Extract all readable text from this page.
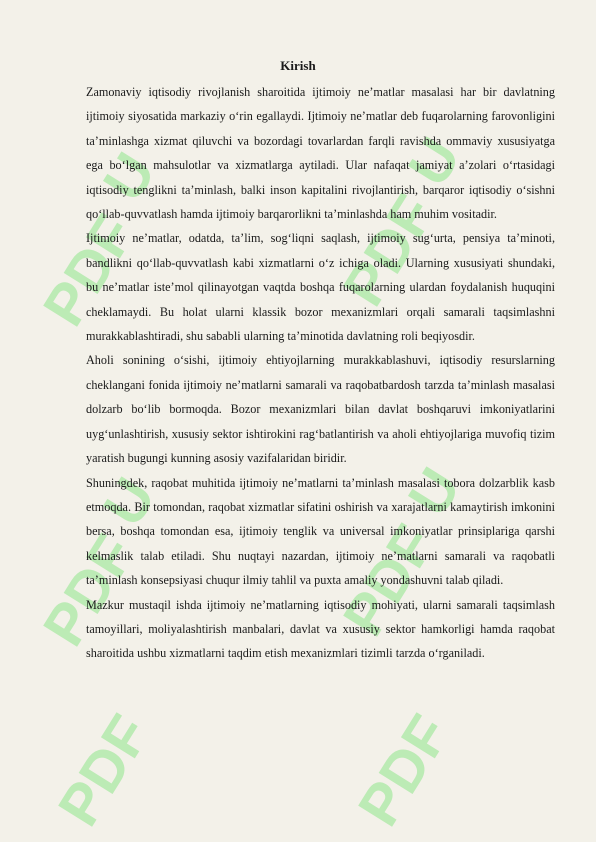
PDF
U
PDF
U
PDF
U
PDF
U
PDF	PDF
Kirish

Zamonaviy iqtisodiy rivojlanish sharoitida ijtimoiy ne’matlar masalasi har bir davlatning ijtimoiy siyosatida markaziy o‘rin egallaydi. Ijtimoiy ne’matlar deb fuqarolarning farovonligini ta’minlashga xizmat qiluvchi va bozordagi tovarlardan farqli ravishda ommaviy xususiyatga ega bo‘lgan mahsulotlar va xizmatlarga aytiladi. Ular nafaqat jamiyat a’zolari o‘rtasidagi iqtisodiy tenglikni ta’minlash, balki inson kapitalini rivojlantirish, barqaror iqtisodiy o‘sishni qo‘llab-quvvatlash hamda ijtimoiy barqarorlikni ta’minlashda ham muhim vositadir.

Ijtimoiy ne’matlar, odatda, ta’lim, sog‘liqni saqlash, ijtimoiy sug‘urta, pensiya ta’minoti, bandlikni qo‘llab-quvvatlash kabi xizmatlarni o‘z ichiga oladi. Ularning xususiyati shundaki, bu ne’matlar iste’mol qilinayotgan vaqtda boshqa fuqarolarning ulardan foydalanish huquqini cheklamaydi. Bu holat ularni klassik bozor mexanizmlari orqali samarali taqsimlashni murakkablashtiradi, shu sababli ularning ta’minotida davlatning roli beqiyosdir.

Aholi sonining o‘sishi, ijtimoiy ehtiyojlarning murakkablashuvi, iqtisodiy resurslarning cheklangani fonida ijtimoiy ne’matlarni samarali va raqobatbardosh tarzda ta’minlash masalasi dolzarb bo‘lib bormoqda. Bozor mexanizmlari bilan davlat boshqaruvi imkoniyatlarini uyg‘unlashtirish, xususiy sektor ishtirokini rag‘batlantirish va aholi ehtiyojlariga muvofiq tizim yaratish bugungi kunning asosiy vazifalaridan biridir.

Shuningdek, raqobat muhitida ijtimoiy ne’matlarni ta’minlash masalasi tobora dolzarblik kasb etmoqda. Bir tomondan, raqobat xizmatlar sifatini oshirish va xarajatlarni kamaytirish imkonini bersa, boshqa tomondan esa, ijtimoiy tenglik va universal imkoniyatlar prinsiplariga qarshi kelmaslik talab etiladi. Shu nuqtayi nazardan, ijtimoiy ne’matlarni samarali va raqobatli ta’minlash konsepsiyasi chuqur ilmiy tahlil va puxta amaliy yondashuvni talab qiladi.

Mazkur mustaqil ishda ijtimoiy ne’matlarning iqtisodiy mohiyati, ularni samarali taqsimlash tamoyillari, moliyalashtirish manbalari, davlat va xususiy sektor hamkorligi hamda raqobat sharoitida ushbu xizmatlarni taqdim etish mexanizmlari tizimli tarzda o‘rganiladi.
